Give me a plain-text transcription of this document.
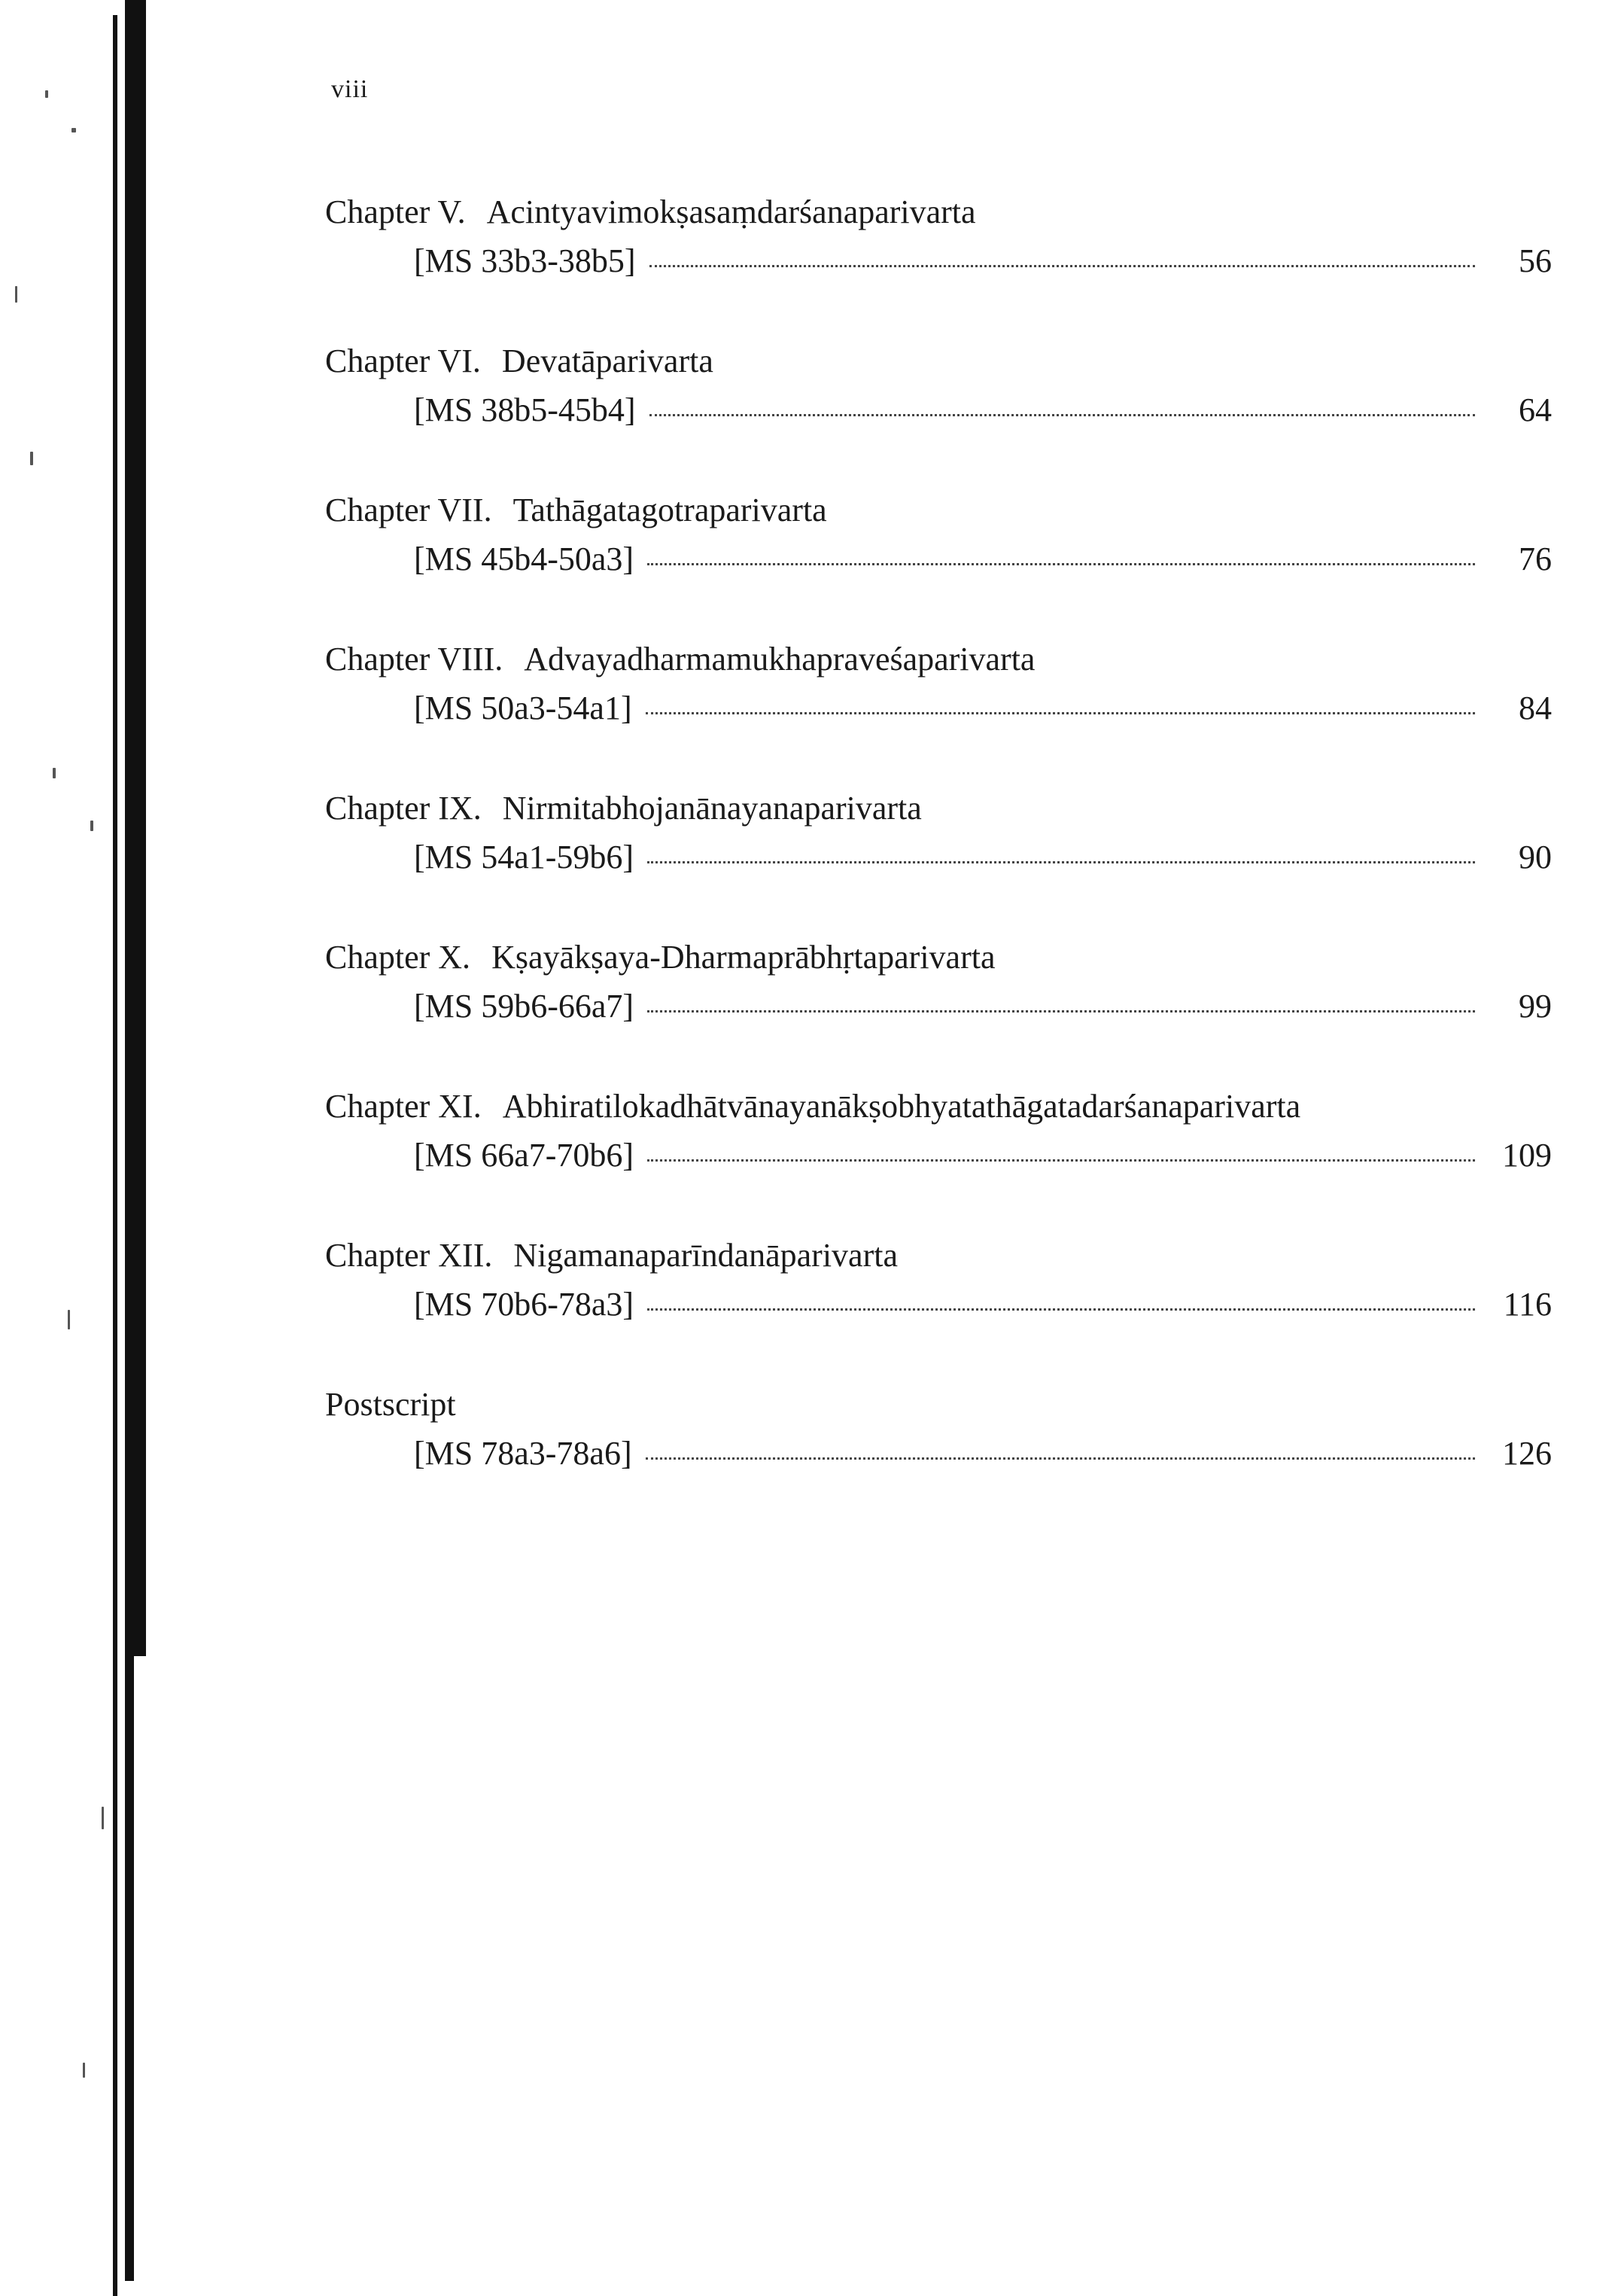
viii
Chapter V. Acintyavimokṣasaṃdarśanaparivarta
[MS 33b3-38b5]	56
Chapter VI. Devatāparivarta
[MS 38b5-45b4]	64
Chapter VII. Tathāgatagotraparivarta
[MS 45b4-50a3]	76
Chapter VIII. Advayadharmamukhapraveśaparivarta
[MS 50a3-54a1]	84
Chapter IX. Nirmitabhojanānayanaparivarta
[MS 54a1-59b6]	90
Chapter X. Kṣayākṣaya-Dharmaprābhṛtaparivarta
[MS 59b6-66a7]	99
Chapter XI. Abhiratilokadhātvānayanākṣobhyatathāgatadarśanaparivarta
[MS 66a7-70b6]	109
Chapter XII. Nigamanaparīndanāparivarta
[MS 70b6-78a3]	116
Postscript
[MS 78a3-78a6]	126
